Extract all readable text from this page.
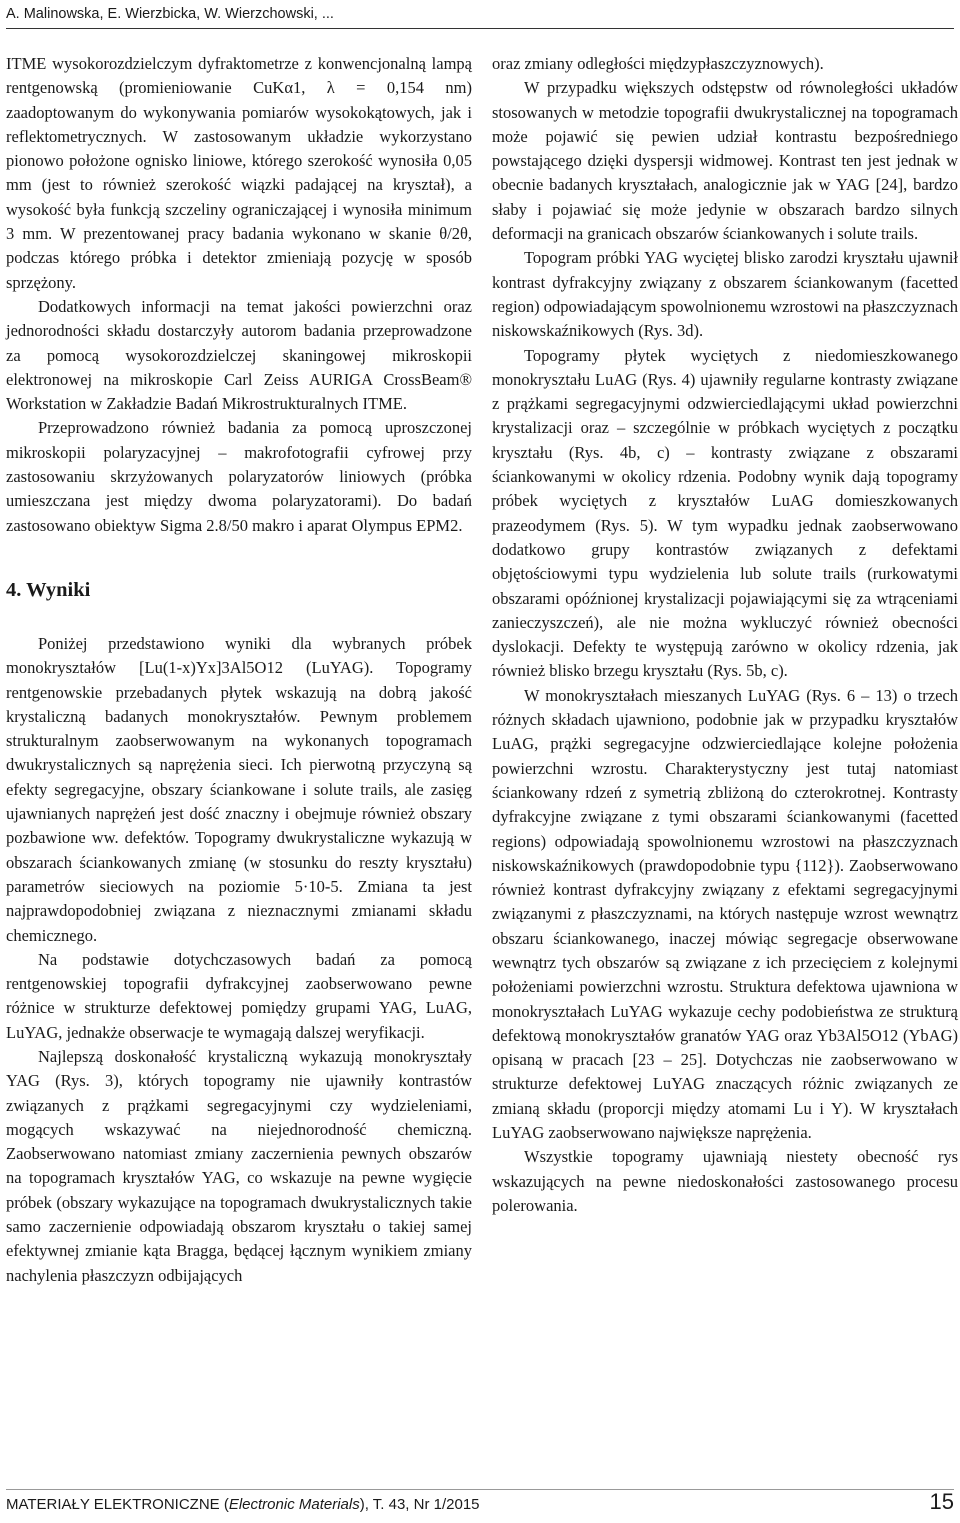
A. Malinowska, E. Wierzbicka, W. Wierzchowski, ...

ITME wysokorozdzielczym dyfraktometrze z konwencjonalną lampą rentgenowską (promieniowanie CuKα1, λ = 0,154 nm) zaadoptowanym do wykonywania pomiarów wysokokątowych, jak i reflektometrycznych. W zastosowanym układzie wykorzystano pionowo położone ognisko liniowe, którego szerokość wynosiła 0,05 mm (jest to również szerokość wiązki padającej na kryształ), a wysokość była funkcją szczeliny ograniczającej i wynosiła minimum 3 mm. W prezentowanej pracy badania wykonano w skanie θ/2θ, podczas którego próbka i detektor zmieniają pozycję w sposób sprzężony.

Dodatkowych informacji na temat jakości powierzchni oraz jednorodności składu dostarczyły autorom badania przeprowadzone za pomocą wysokorozdzielczej skaningowej mikroskopii elektronowej na mikroskopie Carl Zeiss AURIGA CrossBeam® Workstation w Zakładzie Badań Mikrostrukturalnych ITME.

Przeprowadzono również badania za pomocą uproszczonej mikroskopii polaryzacyjnej – makrofotografii cyfrowej przy zastosowaniu skrzyżowanych polaryzatorów liniowych (próbka umieszczana jest między dwoma polaryzatorami). Do badań zastosowano obiektyw Sigma 2.8/50 makro i aparat Olympus EPM2.

4. Wyniki

Poniżej przedstawiono wyniki dla wybranych próbek monokryształów [Lu(1-x)Yx]3Al5O12 (LuYAG). Topogramy rentgenowskie przebadanych płytek wskazują na dobrą jakość krystaliczną badanych monokryształów. Pewnym problemem strukturalnym zaobserwowanym na wykonanych topogramach dwukrystalicznych są naprężenia sieci. Ich pierwotną przyczyną są efekty segregacyjne, obszary ściankowane i solute trails, ale zasięg ujawnianych naprężeń jest dość znaczny i obejmuje również obszary pozbawione ww. defektów. Topogramy dwukrystaliczne wykazują w obszarach ściankowanych zmianę (w stosunku do reszty kryształu) parametrów sieciowych na poziomie 5·10-5. Zmiana ta jest najprawdopodobniej związana z nieznacznymi zmianami składu chemicznego.

Na podstawie dotychczasowych badań za pomocą rentgenowskiej topografii dyfrakcyjnej zaobserwowano pewne różnice w strukturze defektowej pomiędzy grupami YAG, LuAG, LuYAG, jednakże obserwacje te wymagają dalszej weryfikacji.

Najlepszą doskonałość krystaliczną wykazują monokryształy YAG (Rys. 3), których topogramy nie ujawniły kontrastów związanych z prążkami segregacyjnymi czy wydzieleniami, mogących wskazywać na niejednorodność chemiczną. Zaobserwowano natomiast zmiany zaczernienia pewnych obszarów na topogramach kryształów YAG, co wskazuje na pewne wygięcie próbek (obszary wykazujące na topogramach dwukrystalicznych takie samo zaczernienie odpowiadają obszarom kryształu o takiej samej efektywnej zmianie kąta Bragga, będącej łącznym wynikiem zmiany nachylenia płaszczyzn odbijających

oraz zmiany odległości międzypłaszczyznowych).

W przypadku większych odstępstw od równoległości układów stosowanych w metodzie topografii dwukrystalicznej na topogramach może pojawić się pewien udział kontrastu bezpośredniego powstającego dzięki dyspersji widmowej. Kontrast ten jest jednak w obecnie badanych kryształach, analogicznie jak w YAG [24], bardzo słaby i pojawiać się może jedynie w obszarach bardzo silnych deformacji na granicach obszarów ściankowanych i solute trails.

Topogram próbki YAG wyciętej blisko zarodzi kryształu ujawnił kontrast dyfrakcyjny związany z obszarem ściankowanym (facetted region) odpowiadającym spowolnionemu wzrostowi na płaszczyznach niskowskaźnikowych (Rys. 3d).

Topogramy płytek wyciętych z niedomieszkowanego monokryształu LuAG (Rys. 4) ujawniły regularne kontrasty związane z prążkami segregacyjnymi odzwierciedlającymi układ powierzchni krystalizacji oraz – szczególnie w próbkach wyciętych z początku kryształu (Rys. 4b, c) – kontrasty związane z obszarami ściankowanymi w okolicy rdzenia. Podobny wynik dają topogramy próbek wyciętych z kryształów LuAG domieszkowanych prazeodymem (Rys. 5). W tym wypadku jednak zaobserwowano dodatkowo grupy kontrastów związanych z defektami objętościowymi typu wydzielenia lub solute trails (rurkowatymi obszarami opóźnionej krystalizacji pojawiającymi się za wtrąceniami zanieczyszczeń), ale nie można wykluczyć również obecności dyslokacji. Defekty te występują zarówno w okolicy rdzenia, jak również blisko brzegu kryształu (Rys. 5b, c).

W monokryształach mieszanych LuYAG (Rys. 6 – 13) o trzech różnych składach ujawniono, podobnie jak w przypadku kryształów LuAG, prążki segregacyjne odzwierciedlające kolejne położenia powierzchni wzrostu. Charakterystyczny jest tutaj natomiast ściankowany rdzeń z symetrią zbliżoną do czterokrotnej. Kontrasty dyfrakcyjne związane z tymi obszarami ściankowanymi (facetted regions) odpowiadają spowolnionemu wzrostowi na płaszczyznach niskowskaźnikowych (prawdopodobnie typu {112}). Zaobserwowano również kontrast dyfrakcyjny związany z efektami segregacyjnymi związanymi z płaszczyznami, na których następuje wzrost wewnątrz obszaru ściankowanego, inaczej mówiąc segregacje obserwowane wewnątrz tych obszarów są związane z ich przecięciem z kolejnymi położeniami powierzchni wzrostu. Struktura defektowa ujawniona w monokryształach LuYAG wykazuje cechy podobieństwa ze strukturą defektową monokryształów granatów YAG oraz Yb3Al5O12 (YbAG) opisaną w pracach [23 – 25]. Dotychczas nie zaobserwowano w strukturze defektowej LuYAG znaczących różnic związanych ze zmianą składu (proporcji między atomami Lu i Y). W kryształach LuYAG zaobserwowano największe naprężenia.

Wszystkie topogramy ujawniają niestety obecność rys wskazujących na pewne niedoskonałości zastosowanego procesu polerowania.

MATERIAŁY ELEKTRONICZNE (Electronic Materials), T. 43, Nr 1/2015	15
